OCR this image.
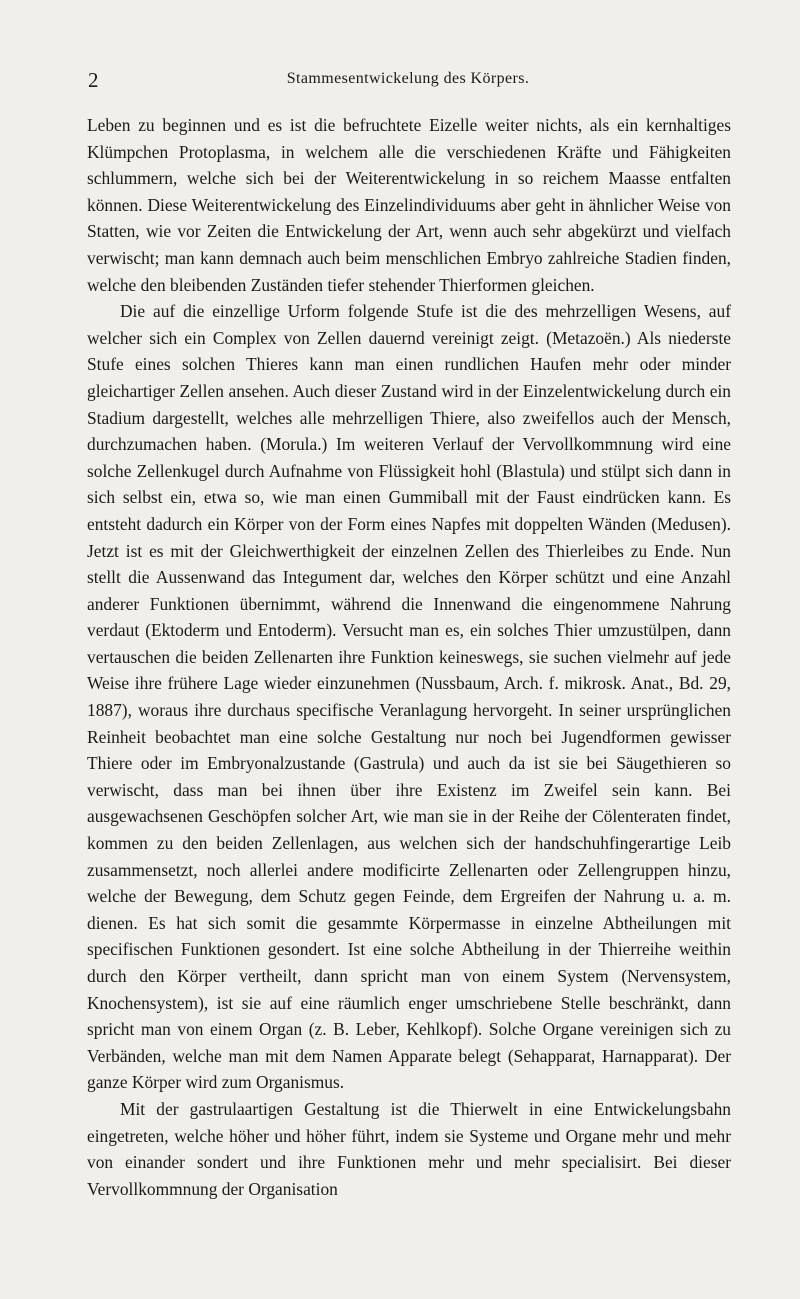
2	Stammesentwickelung des Körpers.

Leben zu beginnen und es ist die befruchtete Eizelle weiter nichts, als ein kernhaltiges Klümpchen Protoplasma, in welchem alle die verschiedenen Kräfte und Fähigkeiten schlummern, welche sich bei der Weiterentwickelung in so reichem Maasse entfalten können. Diese Weiterentwickelung des Einzelindividuums aber geht in ähnlicher Weise von Statten, wie vor Zeiten die Entwickelung der Art, wenn auch sehr abgekürzt und vielfach verwischt; man kann demnach auch beim menschlichen Embryo zahlreiche Stadien finden, welche den bleibenden Zuständen tiefer stehender Thierformen gleichen.

Die auf die einzellige Urform folgende Stufe ist die des mehrzelligen Wesens, auf welcher sich ein Complex von Zellen dauernd vereinigt zeigt. (Metazoën.) Als niederste Stufe eines solchen Thieres kann man einen rundlichen Haufen mehr oder minder gleichartiger Zellen ansehen. Auch dieser Zustand wird in der Einzelentwickelung durch ein Stadium dargestellt, welches alle mehrzelligen Thiere, also zweifellos auch der Mensch, durchzumachen haben. (Morula.) Im weiteren Verlauf der Vervollkommnung wird eine solche Zellenkugel durch Aufnahme von Flüssigkeit hohl (Blastula) und stülpt sich dann in sich selbst ein, etwa so, wie man einen Gummiball mit der Faust eindrücken kann. Es entsteht dadurch ein Körper von der Form eines Napfes mit doppelten Wänden (Medusen). Jetzt ist es mit der Gleichwerthigkeit der einzelnen Zellen des Thierleibes zu Ende. Nun stellt die Aussenwand das Integument dar, welches den Körper schützt und eine Anzahl anderer Funktionen übernimmt, während die Innenwand die eingenommene Nahrung verdaut (Ektoderm und Entoderm). Versucht man es, ein solches Thier umzustülpen, dann vertauschen die beiden Zellenarten ihre Funktion keineswegs, sie suchen vielmehr auf jede Weise ihre frühere Lage wieder einzunehmen (Nussbaum, Arch. f. mikrosk. Anat., Bd. 29, 1887), woraus ihre durchaus specifische Veranlagung hervorgeht. In seiner ursprünglichen Reinheit beobachtet man eine solche Gestaltung nur noch bei Jugendformen gewisser Thiere oder im Embryonalzustande (Gastrula) und auch da ist sie bei Säugethieren so verwischt, dass man bei ihnen über ihre Existenz im Zweifel sein kann. Bei ausgewachsenen Geschöpfen solcher Art, wie man sie in der Reihe der Cölenteraten findet, kommen zu den beiden Zellenlagen, aus welchen sich der handschuhfingerartige Leib zusammensetzt, noch allerlei andere modificirte Zellenarten oder Zellengruppen hinzu, welche der Bewegung, dem Schutz gegen Feinde, dem Ergreifen der Nahrung u. a. m. dienen. Es hat sich somit die gesammte Körpermasse in einzelne Abtheilungen mit specifischen Funktionen gesondert. Ist eine solche Abtheilung in der Thierreihe weithin durch den Körper vertheilt, dann spricht man von einem System (Nervensystem, Knochensystem), ist sie auf eine räumlich enger umschriebene Stelle beschränkt, dann spricht man von einem Organ (z. B. Leber, Kehlkopf). Solche Organe vereinigen sich zu Verbänden, welche man mit dem Namen Apparate belegt (Sehapparat, Harnapparat). Der ganze Körper wird zum Organismus.

Mit der gastrulaartigen Gestaltung ist die Thierwelt in eine Entwickelungsbahn eingetreten, welche höher und höher führt, indem sie Systeme und Organe mehr und mehr von einander sondert und ihre Funktionen mehr und mehr specialisirt. Bei dieser Vervollkommnung der Organisation
